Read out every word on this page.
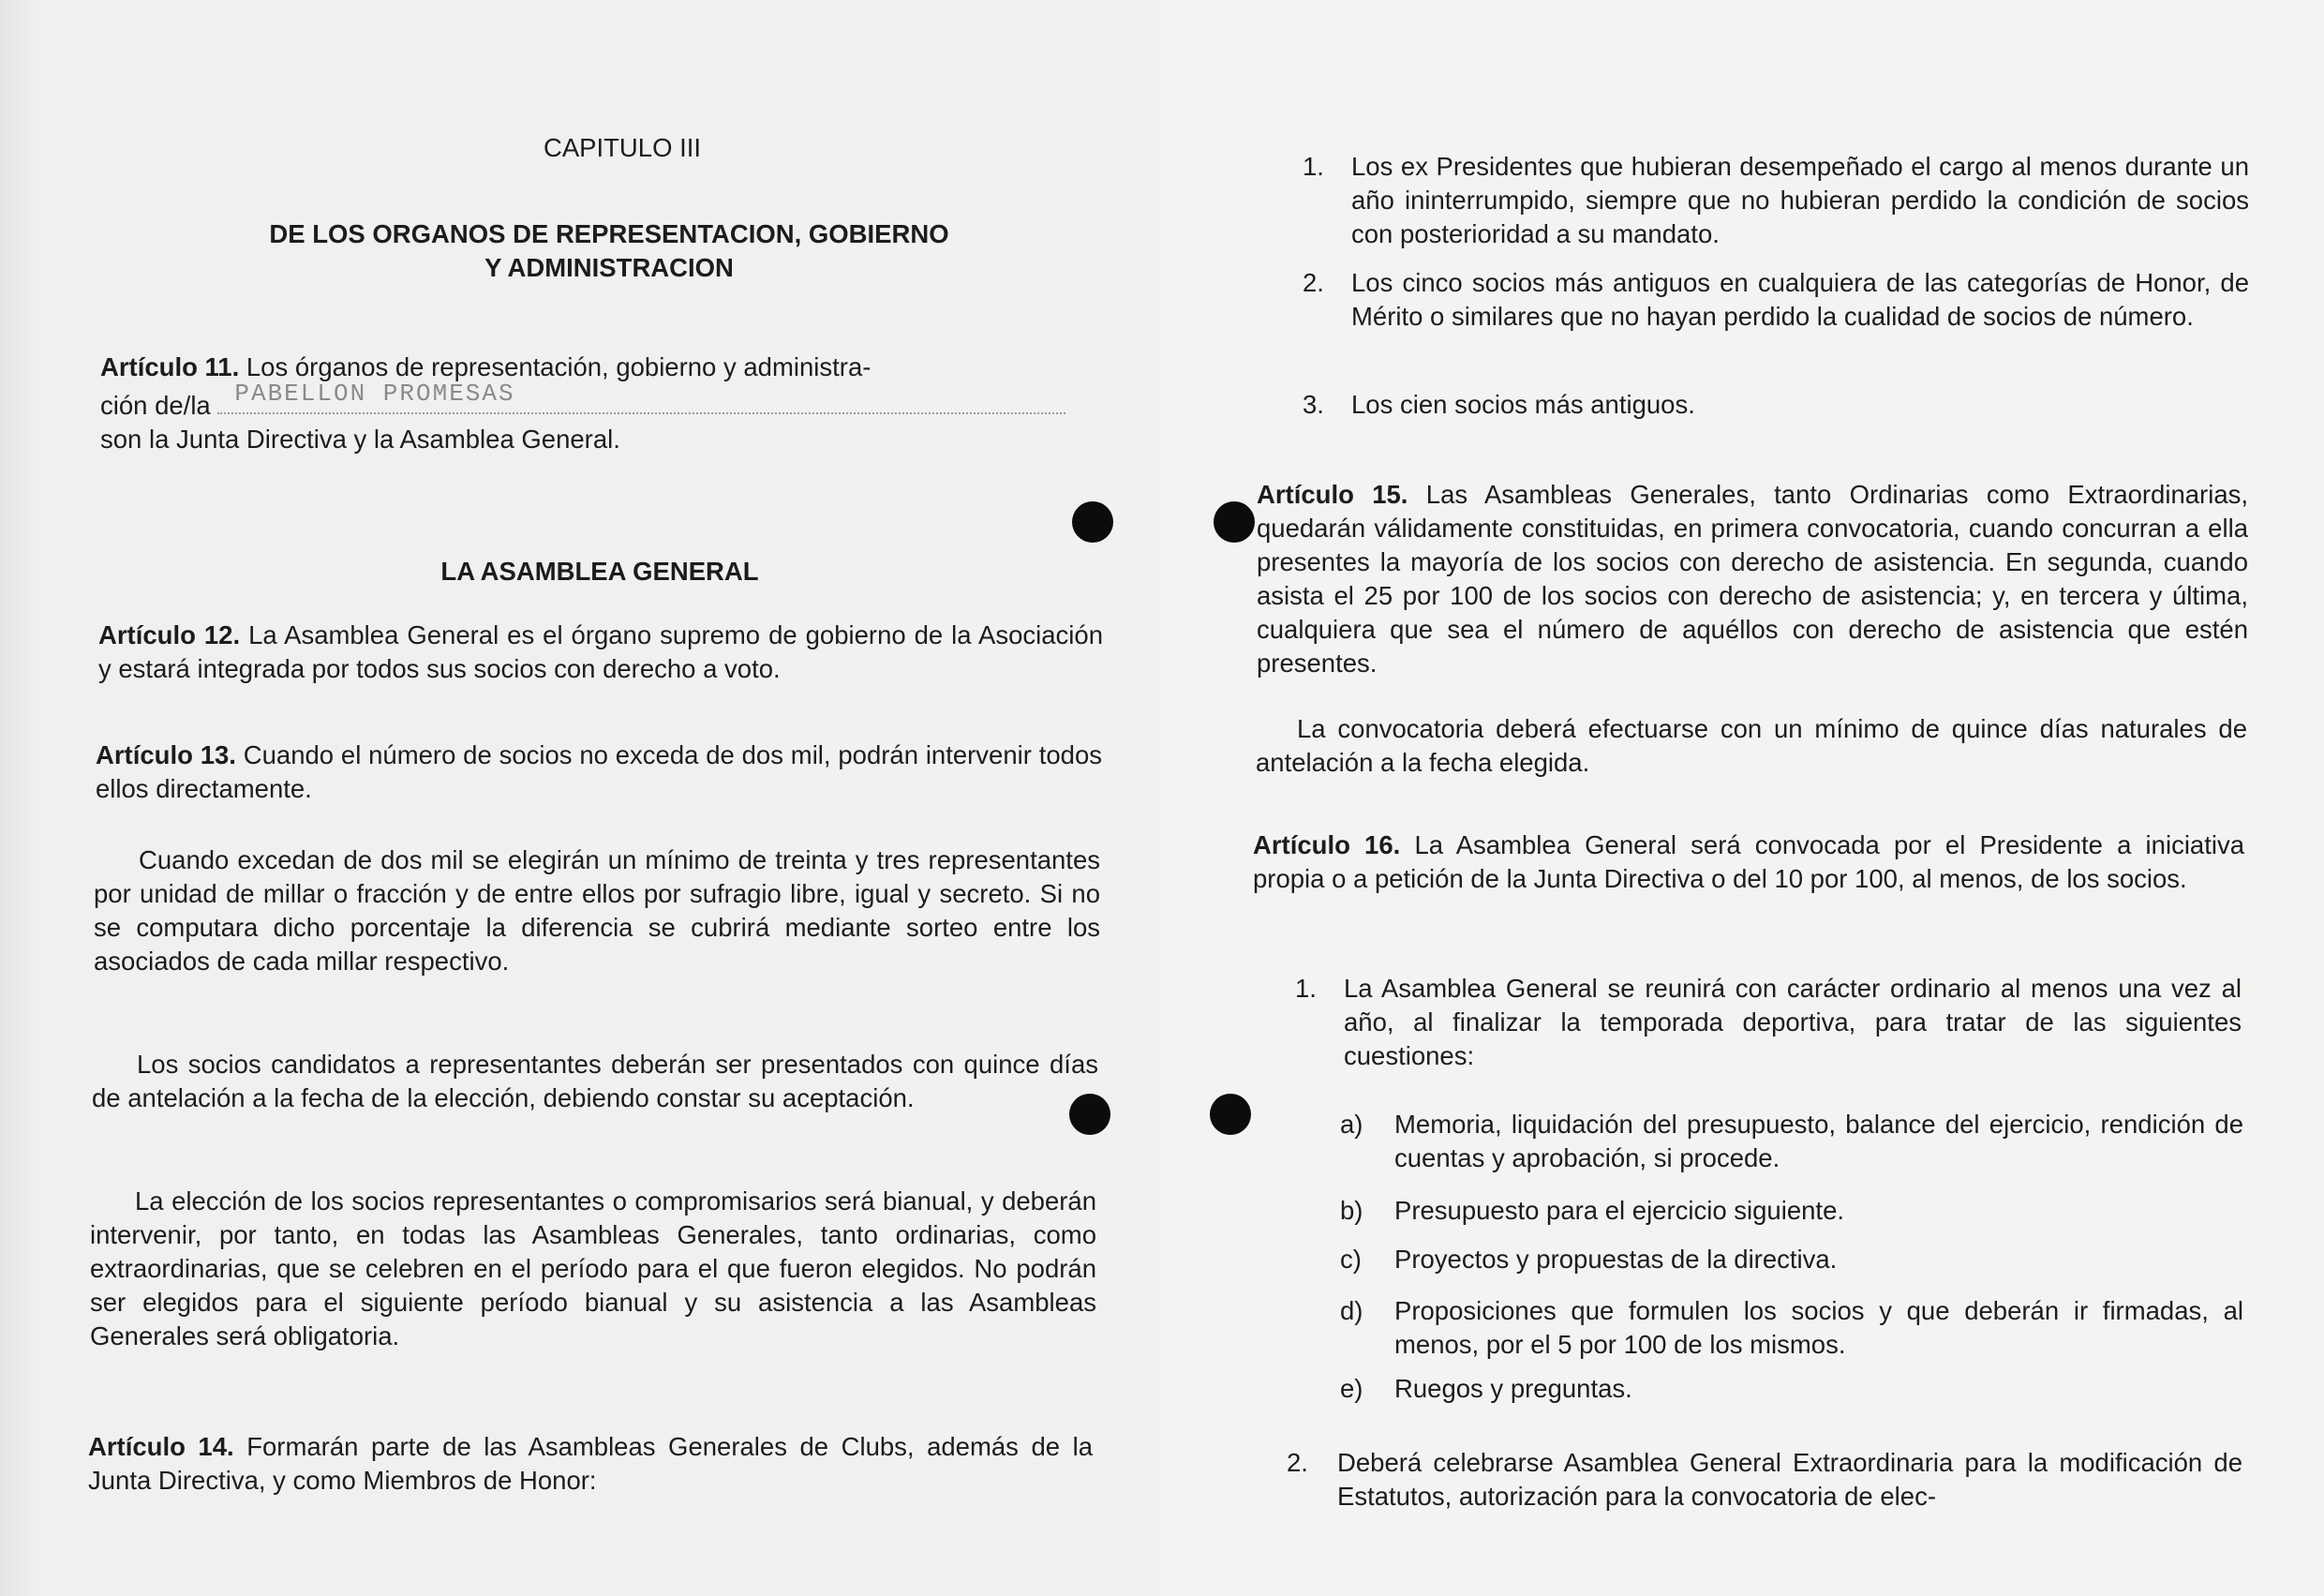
CAPITULO III
DE LOS ORGANOS DE REPRESENTACION, GOBIERNO
Y ADMINISTRACION
Artículo 11. Los órganos de representación, gobierno y administra-
ción de/la PABELLON PROMESAS

son la Junta Directiva y la Asamblea General.
LA ASAMBLEA GENERAL
Artículo 12. La Asamblea General es el órgano supremo de gobierno de la Asociación y estará integrada por todos sus socios con derecho a voto.
Artículo 13. Cuando el número de socios no exceda de dos mil, podrán intervenir todos ellos directamente.
Cuando excedan de dos mil se elegirán un mínimo de treinta y tres representantes por unidad de millar o fracción y de entre ellos por sufragio libre, igual y secreto. Si no se computara dicho porcentaje la diferencia se cubrirá mediante sorteo entre los asociados de cada millar respectivo.
Los socios candidatos a representantes deberán ser presentados con quince días de antelación a la fecha de la elección, debiendo constar su aceptación.
La elección de los socios representantes o compromisarios será bianual, y deberán intervenir, por tanto, en todas las Asambleas Generales, tanto ordinarias, como extraordinarias, que se celebren en el período para el que fueron elegidos. No podrán ser elegidos para el siguiente período bianual y su asistencia a las Asambleas Generales será obligatoria.
Artículo 14. Formarán parte de las Asambleas Generales de Clubs, además de la Junta Directiva, y como Miembros de Honor:
1. Los ex Presidentes que hubieran desempeñado el cargo al menos durante un año ininterrumpido, siempre que no hubieran perdido la condición de socios con posterioridad a su mandato.
2. Los cinco socios más antiguos en cualquiera de las categorías de Honor, de Mérito o similares que no hayan perdido la cualidad de socios de número.
3. Los cien socios más antiguos.
Artículo 15. Las Asambleas Generales, tanto Ordinarias como Extraordinarias, quedarán válidamente constituidas, en primera convocatoria, cuando concurran a ella presentes la mayoría de los socios con derecho de asistencia. En segunda, cuando asista el 25 por 100 de los socios con derecho de asistencia; y, en tercera y última, cualquiera que sea el número de aquéllos con derecho de asistencia que estén presentes.
La convocatoria deberá efectuarse con un mínimo de quince días naturales de antelación a la fecha elegida.
Artículo 16. La Asamblea General será convocada por el Presidente a iniciativa propia o a petición de la Junta Directiva o del 10 por 100, al menos, de los socios.
1. La Asamblea General se reunirá con carácter ordinario al menos una vez al año, al finalizar la temporada deportiva, para tratar de las siguientes cuestiones:
a) Memoria, liquidación del presupuesto, balance del ejercicio, rendición de cuentas y aprobación, si procede.
b) Presupuesto para el ejercicio siguiente.
c) Proyectos y propuestas de la directiva.
d) Proposiciones que formulen los socios y que deberán ir firmadas, al menos, por el 5 por 100 de los mismos.
e) Ruegos y preguntas.
2. Deberá celebrarse Asamblea General Extraordinaria para la modificación de Estatutos, autorización para la convocatoria de elec-
